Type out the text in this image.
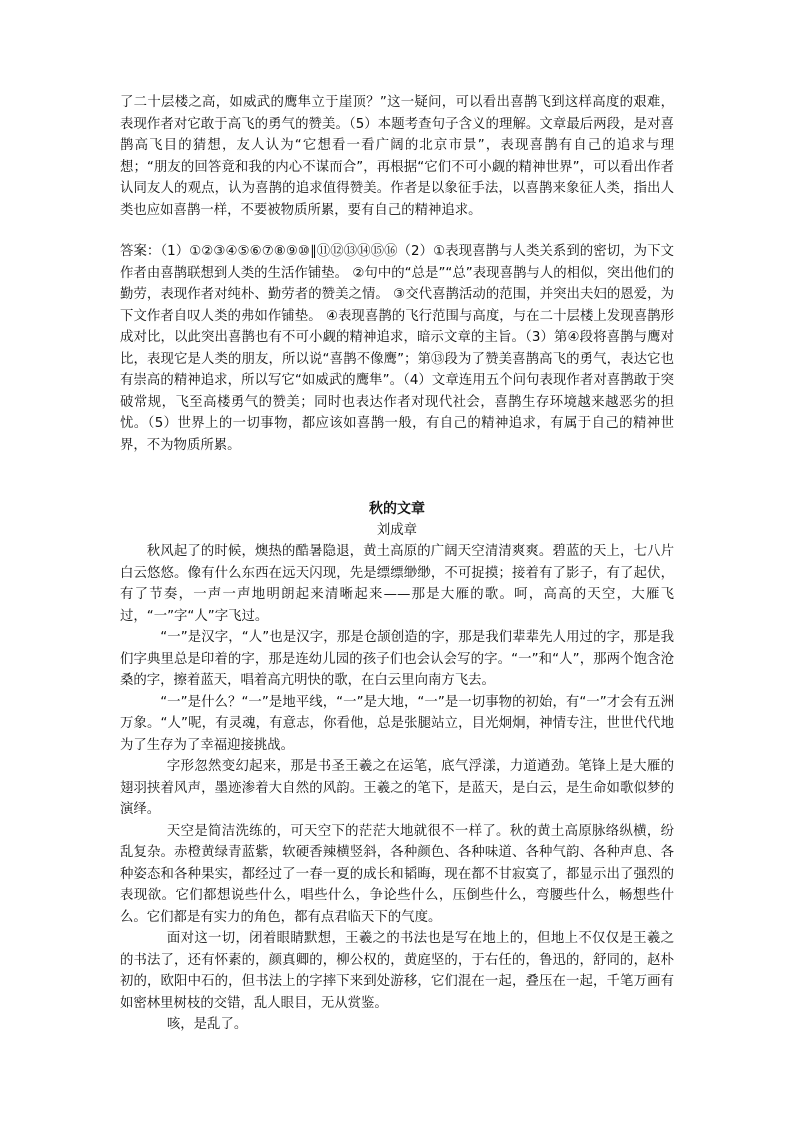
了二十层楼之高，如威武的鹰隼立于崖顶？”这一疑问，可以看出喜鹊飞到这样高度的艰难，表现作者对它敢于高飞的勇气的赞美。（5）本题考查句子含义的理解。文章最后两段，是对喜鹊高飞目的猜想，友人认为“它想看一看广阔的北京市景”，表现喜鹊有自己的追求与理想；“朋友的回答竟和我的内心不谋而合”，再根据“它们不可小觑的精神世界”，可以看出作者认同友人的观点，认为喜鹊的追求值得赞美。作者是以象征手法，以喜鹊来象征人类，指出人类也应如喜鹊一样，不要被物质所累，要有自己的精神追求。

答案：（1）①②③④⑤⑥⑦⑧⑨⑩∥⑪⑫⑬⑭⑮⑯（2）①表现喜鹊与人类关系到的密切，为下文作者由喜鹊联想到人类的生活作铺垫。 ②句中的“总是”“总”表现喜鹊与人的相似，突出他们的勤劳，表现作者对纯朴、勤劳者的赞美之情。 ③交代喜鹊活动的范围，并突出夫妇的恩爱，为下文作者自叹人类的弗如作铺垫。 ④表现喜鹊的飞行范围与高度，与在二十层楼上发现喜鹊形成对比，以此突出喜鹊也有不可小觑的精神追求，暗示文章的主旨。（3）第④段将喜鹊与鹰对比，表现它是人类的朋友，所以说“喜鹊不像鹰”；第⑬段为了赞美喜鹊高飞的勇气，表达它也有崇高的精神追求，所以写它“如威武的鹰隼”。（4）文章连用五个问句表现作者对喜鹊敢于突破常规，飞至高楼勇气的赞美；同时也表达作者对现代社会，喜鹊生存环境越来越恶劣的担忧。（5）世界上的一切事物，都应该如喜鹊一般，有自己的精神追求，有属于自己的精神世界，不为物质所累。

秋的文章

刘成章

秋风起了的时候，燠热的酷暑隐退，黄土高原的广阔天空清清爽爽。碧蓝的天上，七八片白云悠悠。像有什么东西在远天闪现，先是缥缥缈缈，不可捉摸；接着有了影子，有了起伏，有了节奏，一声一声地明朗起来清晰起来——那是大雁的歌。呵，高高的天空，大雁飞过，“一”字“人”字飞过。

“一”是汉字，“人”也是汉字，那是仓颉创造的字，那是我们辈辈先人用过的字，那是我们字典里总是印着的字，那是连幼儿园的孩子们也会认会写的字。“一”和“人”，那两个饱含沧桑的字，擦着蓝天，唱着高亢明快的歌，在白云里向南方飞去。

“一”是什么？“一”是地平线，“一”是大地，“一”是一切事物的初始，有“一”才会有五洲万象。“人”呢，有灵魂，有意志，你看他，总是张腿站立，目光炯炯，神情专注，世世代代地为了生存为了幸福迎接挑战。

字形忽然变幻起来，那是书圣王羲之在运笔，底气浮漾，力道遒劲。笔锋上是大雁的翅羽挟着风声，墨迹渗着大自然的风韵。王羲之的笔下，是蓝天，是白云，是生命如歌似梦的演绎。

天空是简洁洗练的，可天空下的茫茫大地就很不一样了。秋的黄土高原脉络纵横，纷乱复杂。赤橙黄绿青蓝紫，软硬香辣横竖斜，各种颜色、各种味道、各种气韵、各种声息、各种姿态和各种果实，都经过了一春一夏的成长和韬晦，现在都不甘寂寞了，都显示出了强烈的表现欲。它们都想说些什么，唱些什么，争论些什么，压倒些什么，弯腰些什么，畅想些什么。它们都是有实力的角色，都有点君临天下的气度。

面对这一切，闭着眼睛默想，王羲之的书法也是写在地上的，但地上不仅仅是王羲之的书法了，还有怀素的，颜真卿的，柳公权的，黄庭坚的，于右任的，鲁迅的，舒同的，赵朴初的，欧阳中石的，但书法上的字摔下来到处游移，它们混在一起，叠压在一起，千笔万画有如密林里树枝的交错，乱人眼目，无从赏鉴。

咳，是乱了。
